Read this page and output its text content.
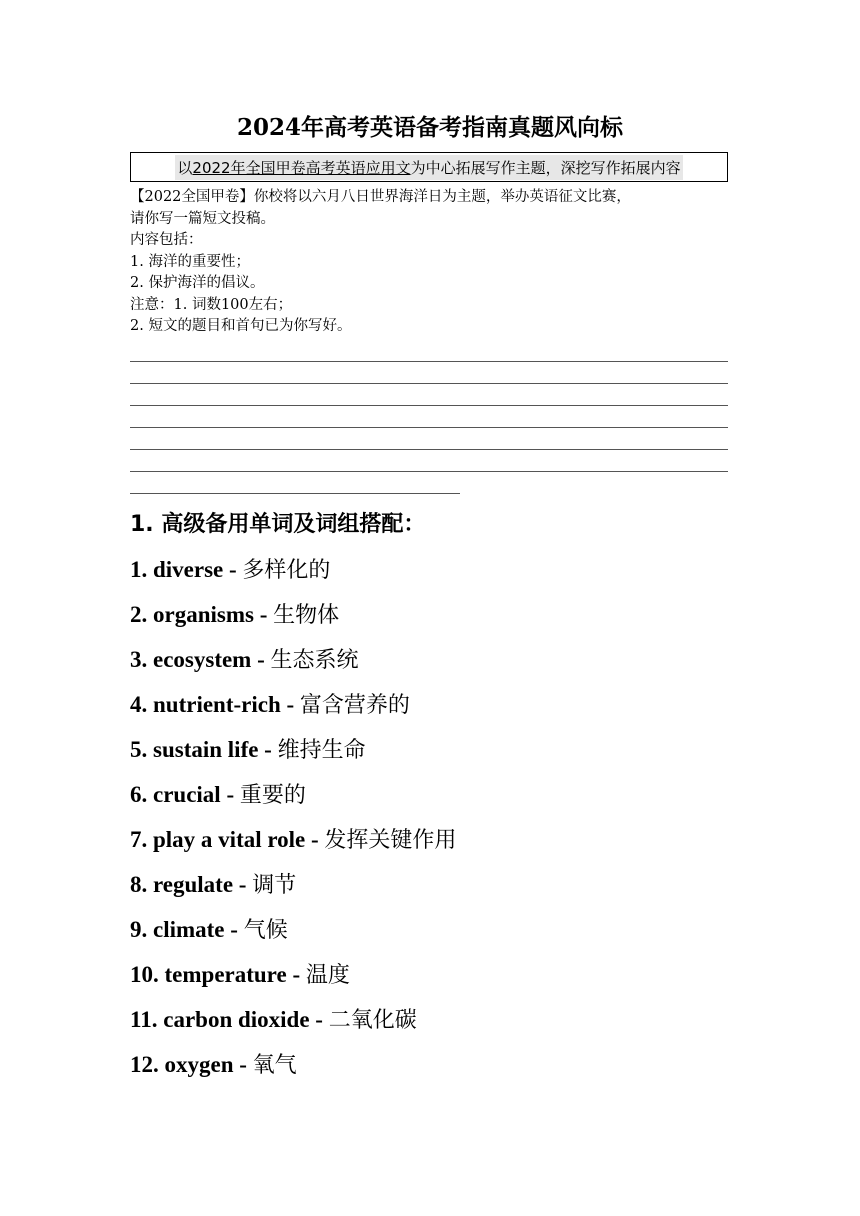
2024年高考英语备考指南真题风向标
以2022年全国甲卷高考英语应用文为中心拓展写作主题，深挖写作拓展内容
【2022全国甲卷】你校将以六月八日世界海洋日为主题，举办英语征文比赛，
请你写一篇短文投稿。
内容包括：
1. 海洋的重要性；
2. 保护海洋的倡议。
注意：1. 词数100左右；
2. 短文的题目和首句已为你写好。
1. 高级备用单词及词组搭配：
1. diverse - 多样化的
2. organisms - 生物体
3. ecosystem - 生态系统
4. nutrient-rich - 富含营养的
5. sustain life - 维持生命
6. crucial - 重要的
7. play a vital role - 发挥关键作用
8. regulate - 调节
9. climate - 气候
10. temperature - 温度
11. carbon dioxide - 二氧化碳
12. oxygen - 氧气
